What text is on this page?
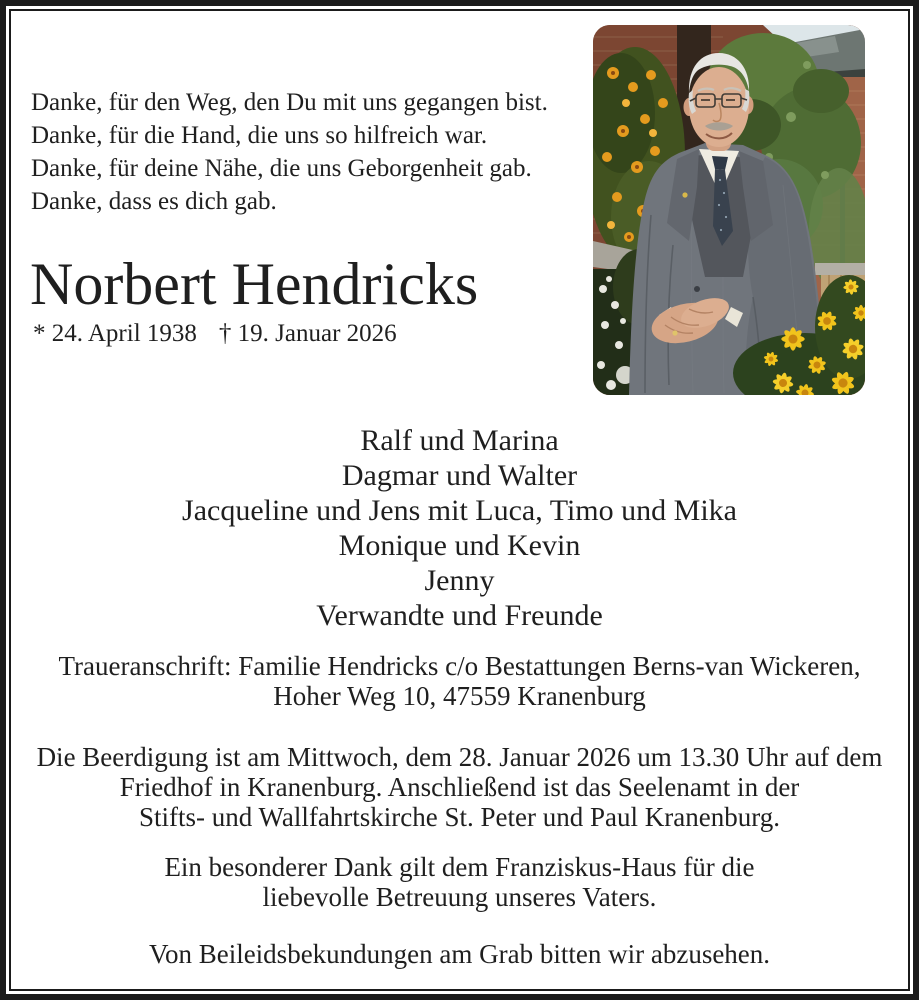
Danke, für den Weg, den Du mit uns gegangen bist.
Danke, für die Hand, die uns so hilfreich war.
Danke, für deine Nähe, die uns Geborgenheit gab.
Danke, dass es dich gab.
Norbert Hendricks
* 24. April 1938 † 19. Januar 2026
Ralf und Marina
Dagmar und Walter
Jacqueline und Jens mit Luca, Timo und Mika
Monique und Kevin
Jenny
Verwandte und Freunde
Traueranschrift: Familie Hendricks c/o Bestattungen Berns-van Wickeren,
Hoher Weg 10, 47559 Kranenburg
Die Beerdigung ist am Mittwoch, dem 28. Januar 2026 um 13.30 Uhr auf dem
Friedhof in Kranenburg. Anschließend ist das Seelenamt in der
Stifts- und Wallfahrtskirche St. Peter und Paul Kranenburg.
Ein besonderer Dank gilt dem Franziskus-Haus für die
liebevolle Betreuung unseres Vaters.
Von Beileidsbekundungen am Grab bitten wir abzusehen.
